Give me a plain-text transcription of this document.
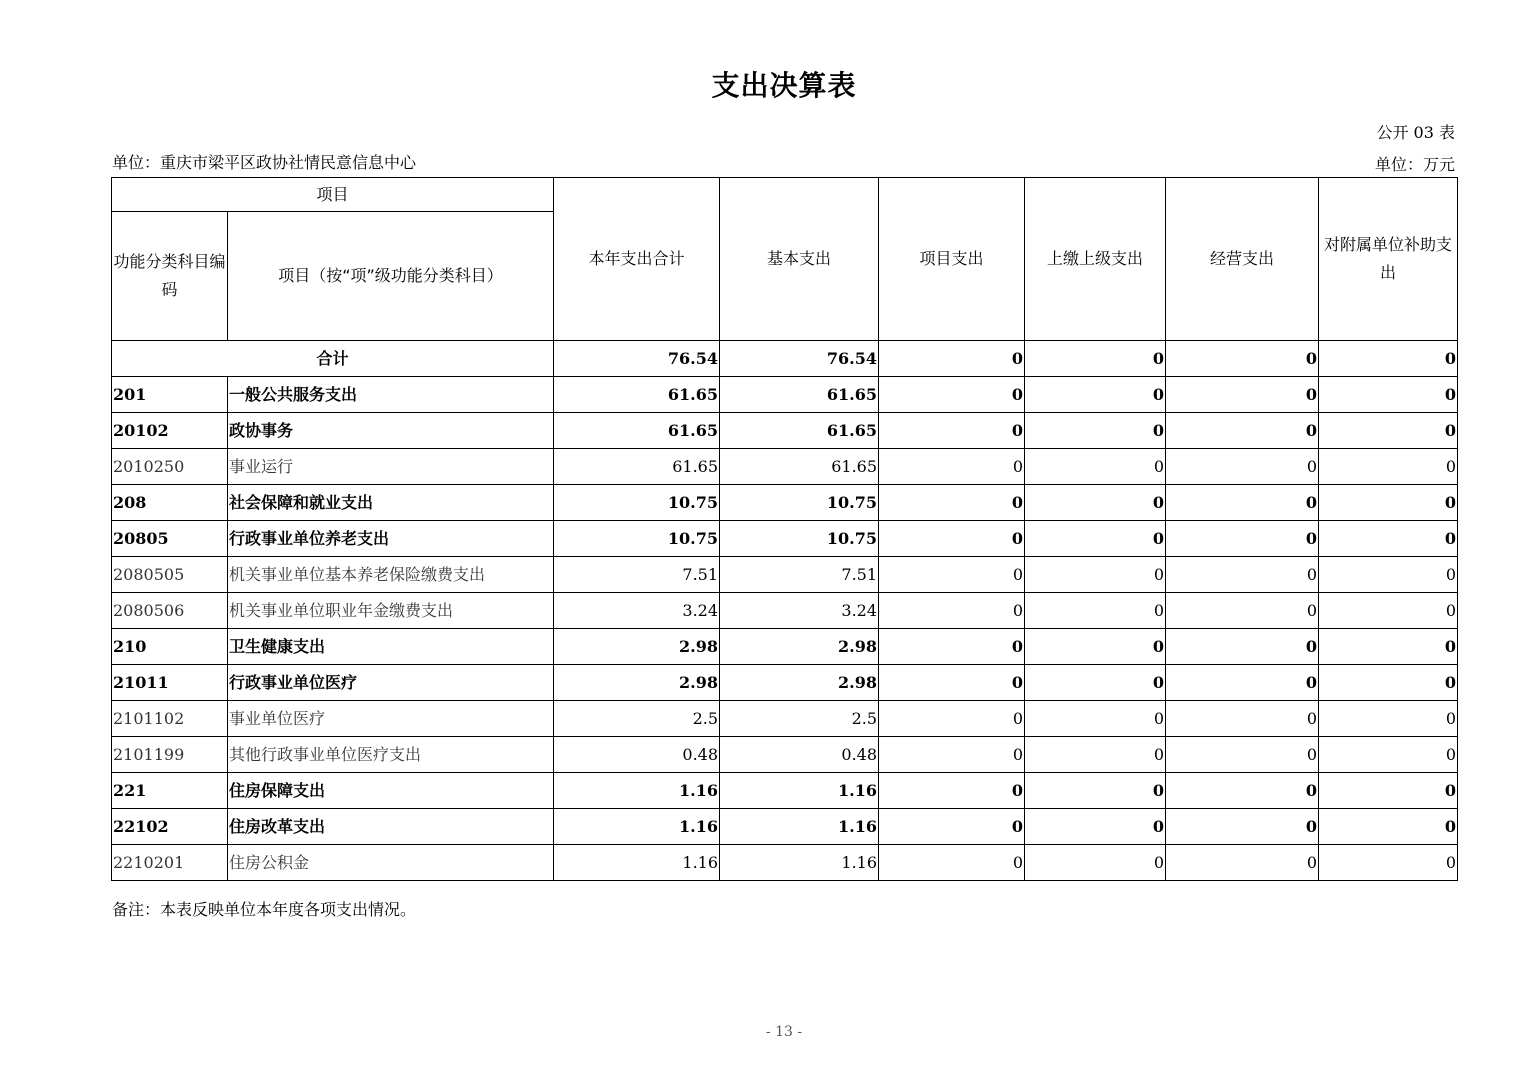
支出决算表
公开 03 表
单位：重庆市梁平区政协社情民意信息中心	单位：万元
项目		本年支出合计	基本支出	项目支出	上缴上级支出	经营支出	对附属单位补助支出
功能分类科目编码	项目（按“项”级功能分类科目）						
合计		76.54	76.54	0	0	0	0
201	一般公共服务支出	61.65	61.65	0	0	0	0
20102	政协事务	61.65	61.65	0	0	0	0
2010250	事业运行	61.65	61.65	0	0	0	0
208	社会保障和就业支出	10.75	10.75	0	0	0	0
20805	行政事业单位养老支出	10.75	10.75	0	0	0	0
2080505	机关事业单位基本养老保险缴费支出	7.51	7.51	0	0	0	0
2080506	机关事业单位职业年金缴费支出	3.24	3.24	0	0	0	0
210	卫生健康支出	2.98	2.98	0	0	0	0
21011	行政事业单位医疗	2.98	2.98	0	0	0	0
2101102	事业单位医疗	2.5	2.5	0	0	0	0
2101199	其他行政事业单位医疗支出	0.48	0.48	0	0	0	0
221	住房保障支出	1.16	1.16	0	0	0	0
22102	住房改革支出	1.16	1.16	0	0	0	0
2210201	住房公积金	1.16	1.16	0	0	0	0
备注：本表反映单位本年度各项支出情况。
- 13 -
